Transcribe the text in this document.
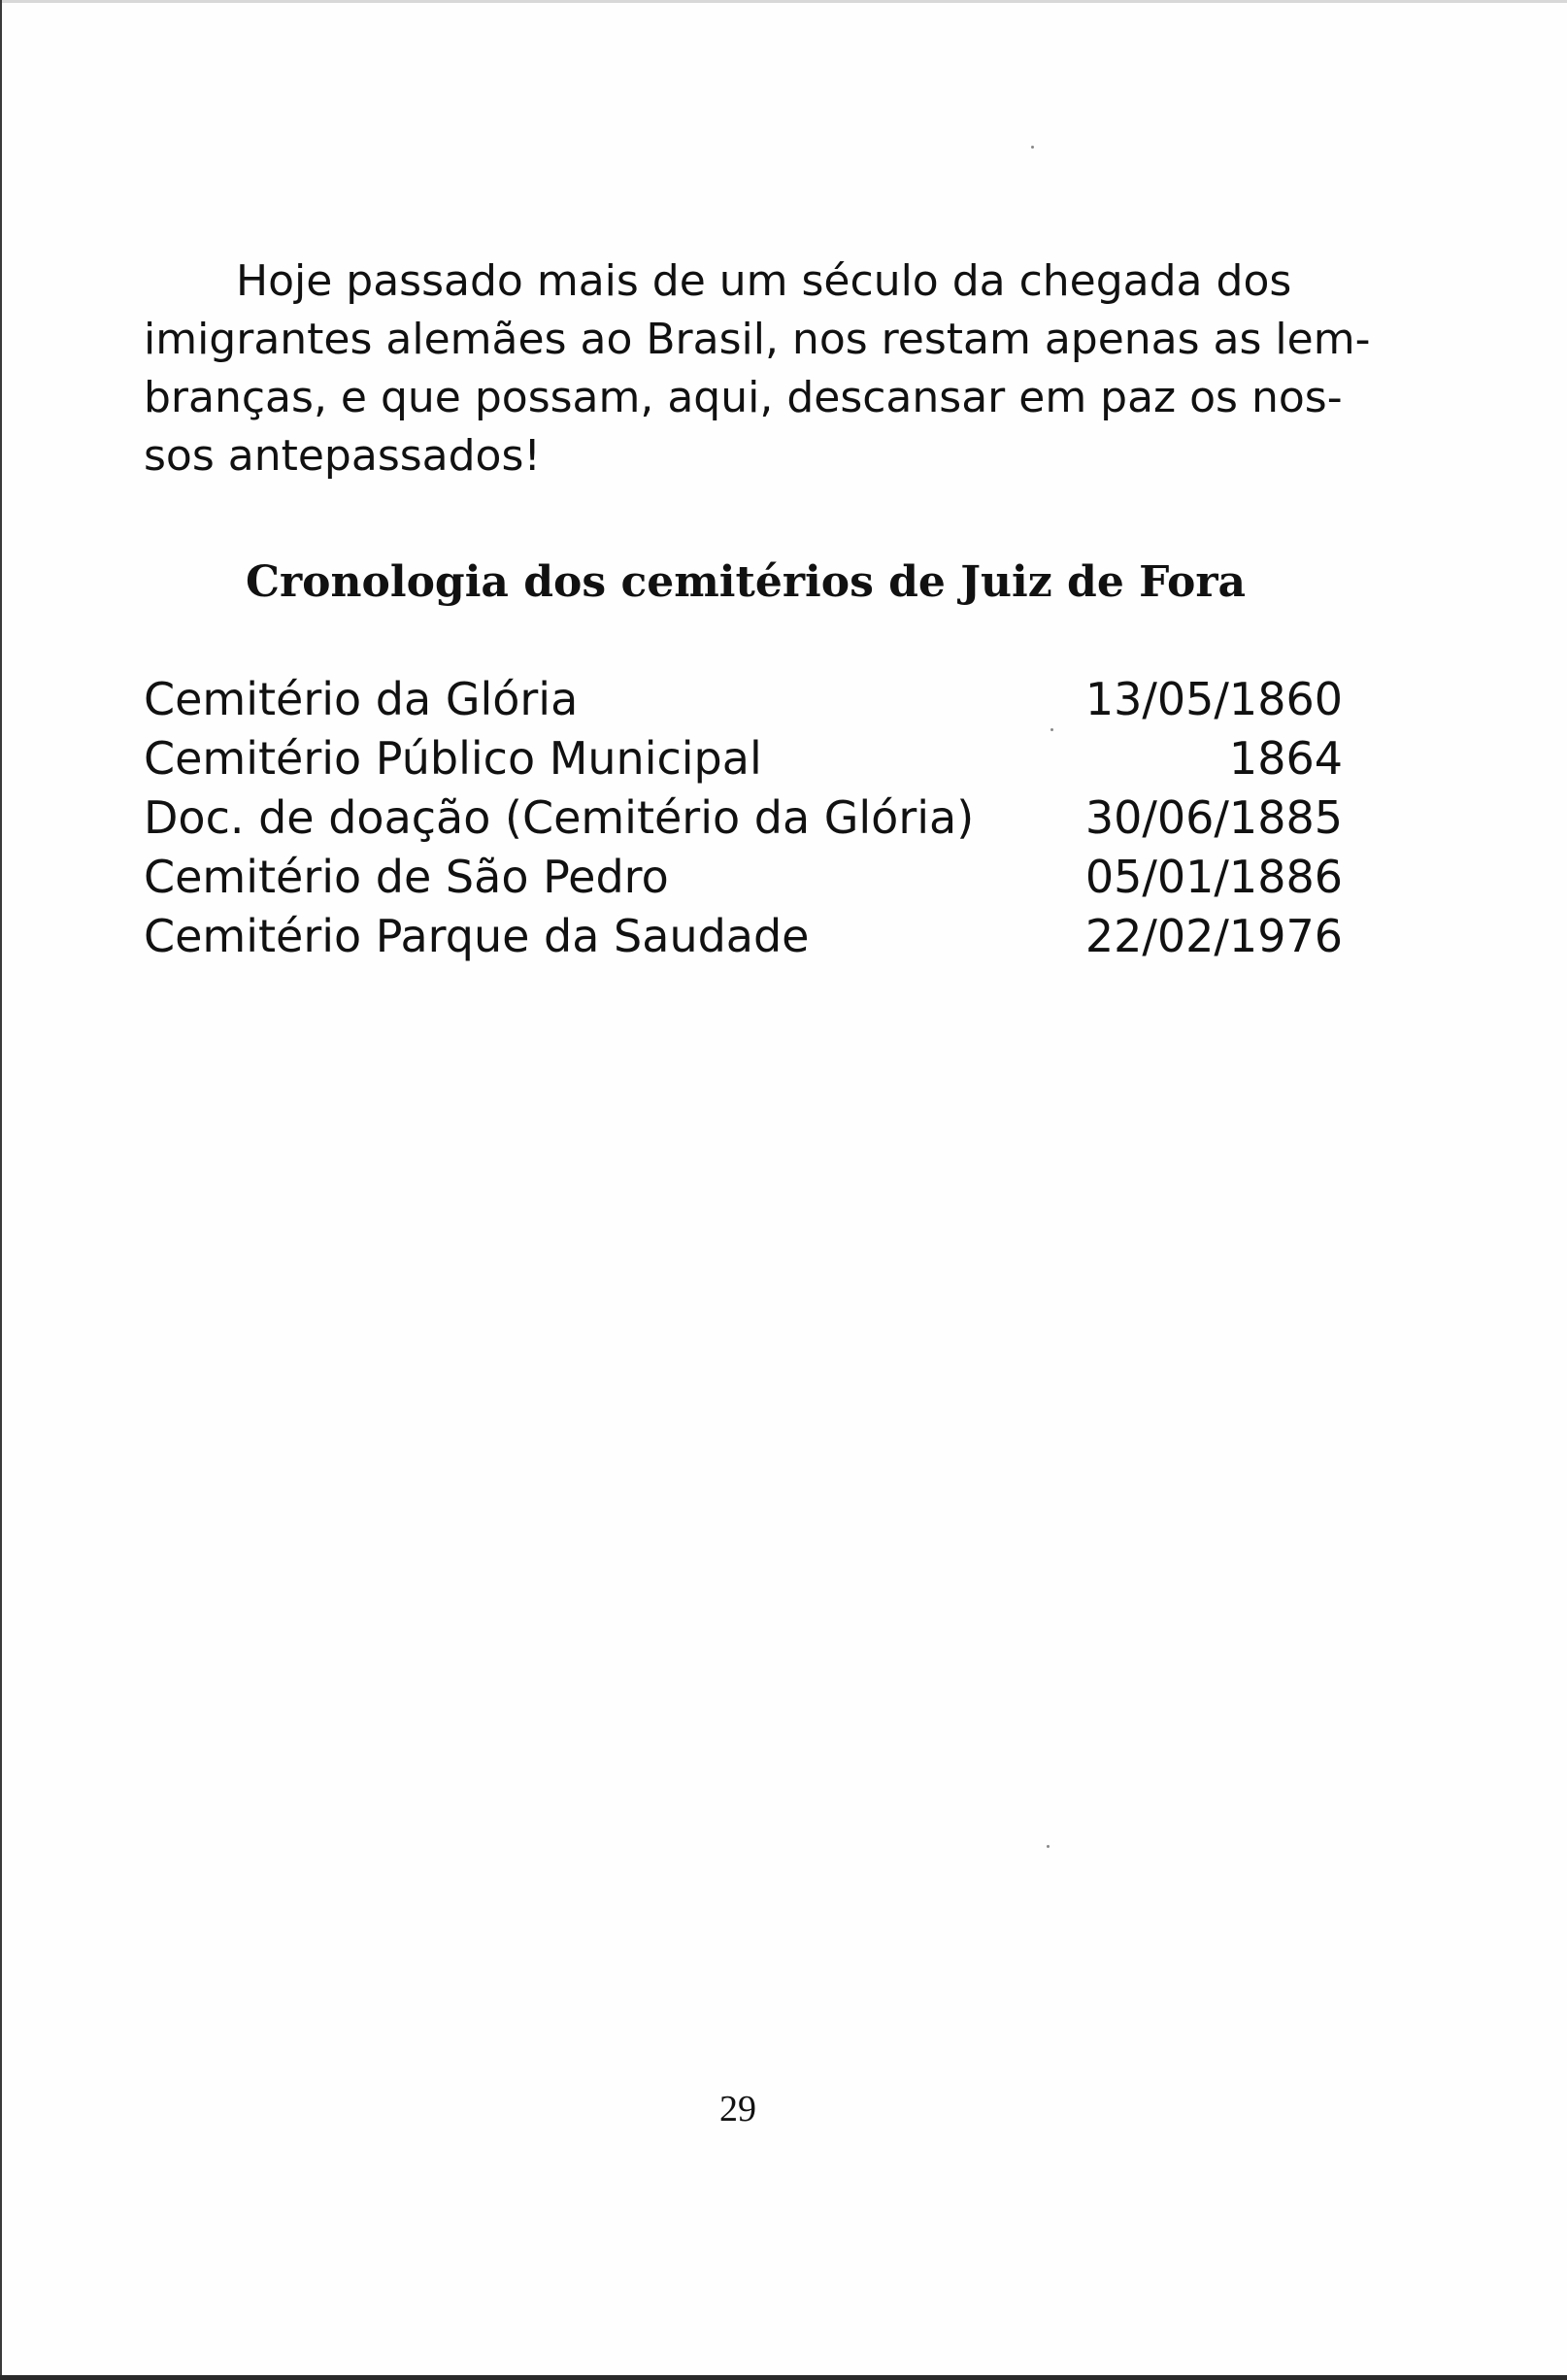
Hoje passado mais de um século da chegada dos
imigrantes alemães ao Brasil, nos restam apenas as lem-
branças, e que possam, aqui, descansar em paz os nos-
sos antepassados!

Cronologia dos cemitérios de Juiz de Fora
Cemitério da Glória	13/05/1860
Cemitério Público Municipal	1864
Doc. de doação (Cemitério da Glória) 30/06/1885
Cemitério de São Pedro	05/01/1886
Cemitério Parque da Saudade	22/02/1976
29
